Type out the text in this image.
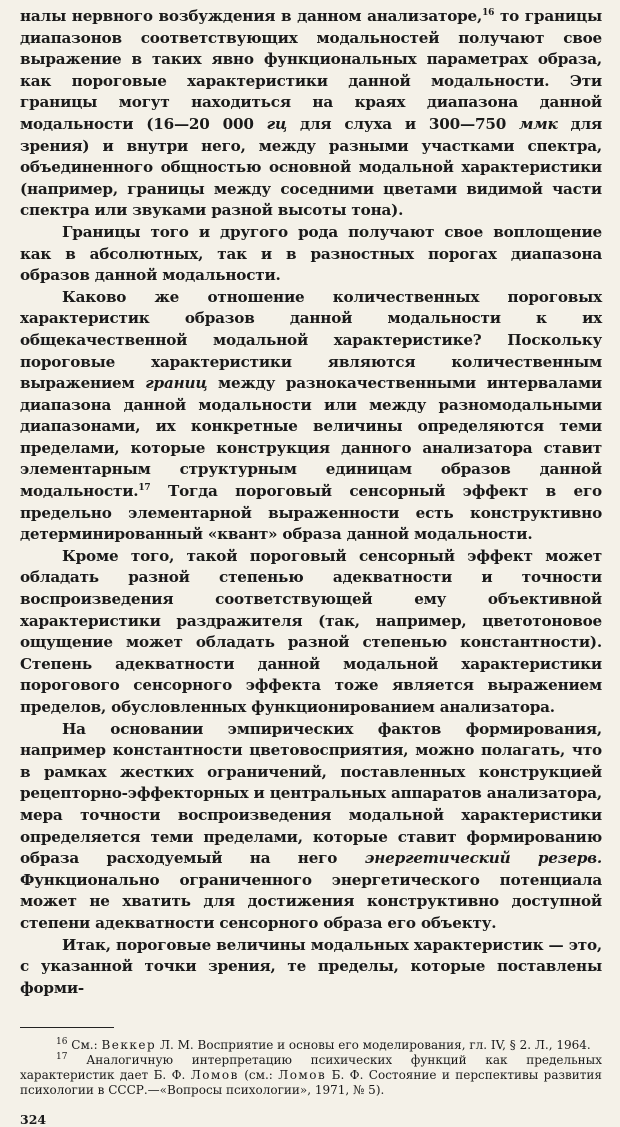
налы нервного возбуждения в данном анализаторе,$^{16}$ то границы диапазонов соответствующих модальностей получают свое выражение в таких явно функциональных параметрах образа, как пороговые характеристики данной модальности. Эти границы могут находиться на краях диапазона данной модальности (16—20 000 гц для слуха и 300—750 ммк для зрения) и внутри него, между разными участками спектра, объединенного общностью основной модальной характеристики (например, границы между соседними цветами видимой части спектра или звуками разной высоты тона).

Границы того и другого рода получают свое воплощение как в абсолютных, так и в разностных порогах диапазона образов данной модальности.

Каково же отношение количественных пороговых характеристик образов данной модальности к их общекачественной модальной характеристике? Поскольку пороговые характеристики являются количественным выражением границ между разнокачественными интервалами диапазона данной модальности или между разномодальными диапазонами, их конкретные величины определяются теми пределами, которые конструкция данного анализатора ставит элементарным структурным единицам образов данной модальности.$^{17}$ Тогда пороговый сенсорный эффект в его предельно элементарной выраженности есть конструктивно детерминированный «квант» образа данной модальности.

Кроме того, такой пороговый сенсорный эффект может обладать разной степенью адекватности и точности воспроизведения соответствующей ему объективной характеристики раздражителя (так, например, цветотоновое ощущение может обладать разной степенью константности). Степень адекватности данной модальной характеристики порогового сенсорного эффекта тоже является выражением пределов, обусловленных функционированием анализатора.

На основании эмпирических фактов формирования, например константности цветовосприятия, можно полагать, что в рамках жестких ограничений, поставленных конструкцией рецепторно-эффекторных и центральных аппаратов анализатора, мера точности воспроизведения модальной характеристики определяется теми пределами, которые ставит формированию образа расходуемый на него энергетический резерв. Функционально ограниченного энергетического потенциала может не хватить для достижения конструктивно доступной степени адекватности сенсорного образа его объекту.

Итак, пороговые величины модальных характеристик — это, с указанной точки зрения, те пределы, которые поставлены форми-

$^{16}$ См.: Веккер Л. М. Восприятие и основы его моделирования, гл. IV, § 2. Л., 1964.

$^{17}$ Аналогичную интерпретацию психических функций как предельных характеристик дает Б. Ф. Ломов (см.: Ломов Б. Ф. Состояние и перспективы развития психологии в СССР.—«Вопросы психологии», 1971, № 5).

324
